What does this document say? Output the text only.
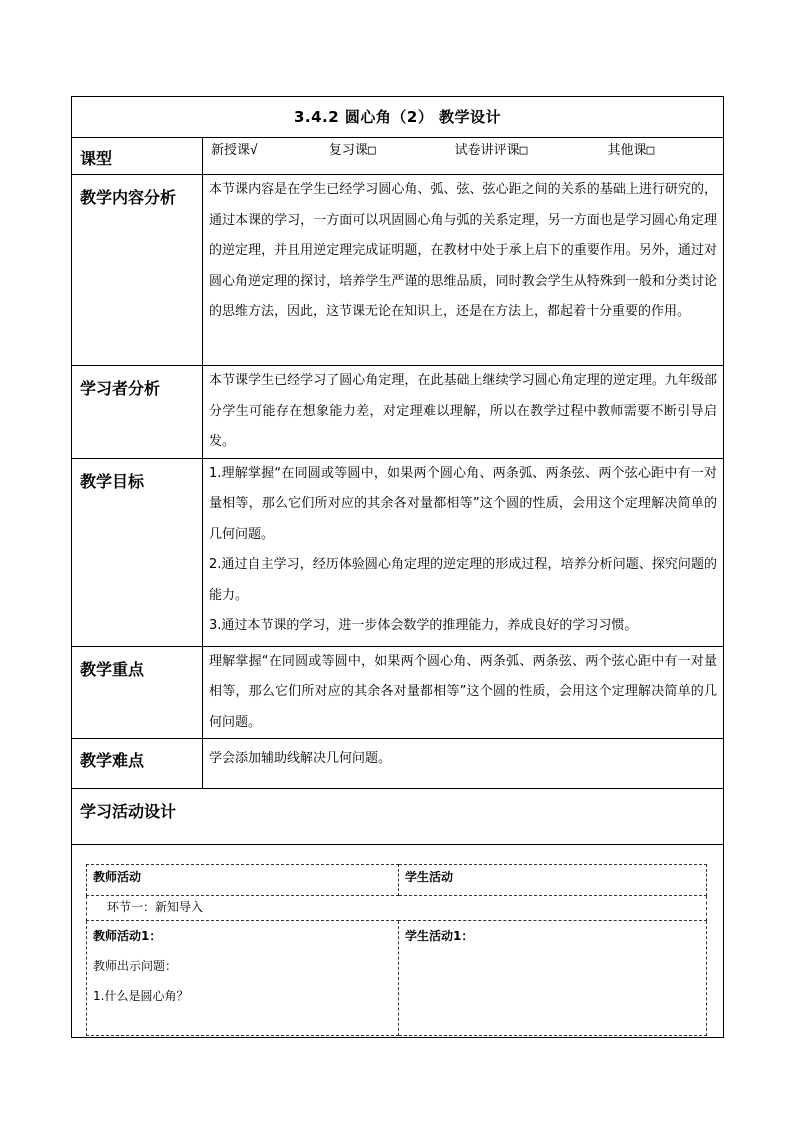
3.4.2 圆心角（2） 教学设计
课型	新授课√	复习课□	试卷讲评课□	其他课□
教学内容分析	本节课内容是在学生已经学习圆心角、弧、弦、弦心距之间的关系的基础上进行研究的，通过本课的学习，一方面可以巩固圆心角与弧的关系定理，另一方面也是学习圆心角定理的逆定理，并且用逆定理完成证明题，在教材中处于承上启下的重要作用。另外，通过对圆心角逆定理的探讨，培养学生严谨的思维品质，同时教会学生从特殊到一般和分类讨论的思维方法，因此，这节课无论在知识上，还是在方法上，都起着十分重要的作用。

学习者分析	本节课学生已经学习了圆心角定理，在此基础上继续学习圆心角定理的逆定理。九年级部分学生可能存在想象能力差，对定理难以理解，所以在教学过程中教师需要不断引导启发。

教学目标	1.理解掌握“在同圆或等圆中，如果两个圆心角、两条弧、两条弦、两个弦心距中有一对量相等，那么它们所对应的其余各对量都相等”这个圆的性质，会用这个定理解决简单的几何问题。

2.通过自主学习，经历体验圆心角定理的逆定理的形成过程，培养分析问题、探究问题的能力。

3.通过本节课的学习，进一步体会数学的推理能力，养成良好的学习习惯。

教学重点	理解掌握“在同圆或等圆中，如果两个圆心角、两条弧、两条弦、两个弦心距中有一对量相等，那么它们所对应的其余各对量都相等”这个圆的性质，会用这个定理解决简单的几何问题。

教学难点	学会添加辅助线解决几何问题。

学习活动设计

教师活动	学生活动
环节一：新知导入

教师活动1：

教师出示问题：

1.什么是圆心角？

学生活动1：
